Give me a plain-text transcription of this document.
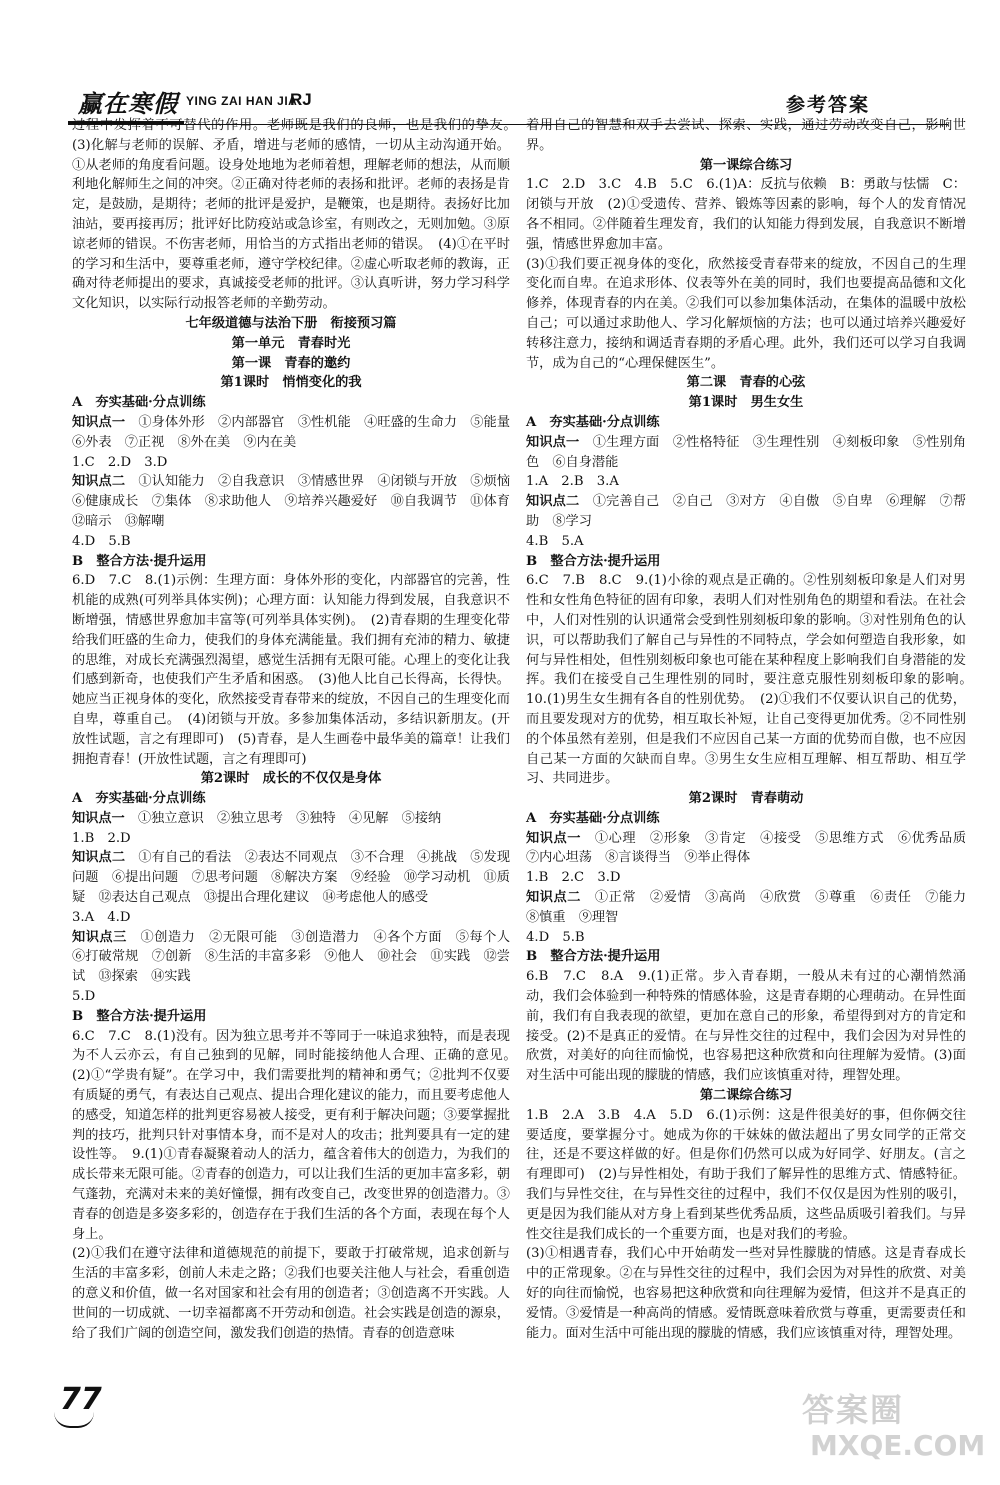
赢在寒假 YING ZAI HAN JIA
RJ	参考答案

过程中发挥着不可替代的作用。老师既是我们的良师，也是我们的挚友。　(3)化解与老师的误解、矛盾，增进与老师的感情，一切从主动沟通开始。①从老师的角度看问题。设身处地地为老师着想，理解老师的想法，从而顺利地化解师生之间的冲突。②正确对待老师的表扬和批评。老师的表扬是肯定，是鼓励，是期待；老师的批评是爱护，是鞭策，也是期待。表扬好比加油站，要再接再厉；批评好比防疫站或急诊室，有则改之，无则加勉。③原谅老师的错误。不伤害老师，用恰当的方式指出老师的错误。　(4)①在平时的学习和生活中，要尊重老师，遵守学校纪律。②虚心听取老师的教诲，正确对待老师提出的要求，真诚接受老师的批评。③认真听讲，努力学习科学文化知识，以实际行动报答老师的辛勤劳动。

七年级道德与法治下册　衔接预习篇

第一单元　青春时光

第一课　青春的邀约

第1课时　悄悄变化的我

A　夯实基础·分点训练

知识点一　 ①身体外形　②内部器官　③性机能　④旺盛的生命力　⑤能量　⑥外表　⑦正视　⑧外在美　⑨内在美

1.C　2.D　3.D

知识点二　 ①认知能力　②自我意识　③情感世界　④闭锁与开放　⑤烦恼　⑥健康成长　⑦集体　⑧求助他人　⑨培养兴趣爱好　⑩自我调节　⑪体育　⑫暗示　⑬解嘲

4.D　5.B

B　整合方法·提升运用

6.D　7.C　8.(1)示例：生理方面：身体外形的变化，内部器官的完善，性机能的成熟(可列举具体实例)；心理方面：认知能力得到发展，自我意识不断增强，情感世界愈加丰富等(可列举具体实例)。　(2)青春期的生理变化带给我们旺盛的生命力，使我们的身体充满能量。我们拥有充沛的精力、敏捷的思维，对成长充满强烈渴望，感觉生活拥有无限可能。心理上的变化让我们感到新奇，也使我们产生矛盾和困惑。　(3)他人比自己长得高，长得快。她应当正视身体的变化，欣然接受青春带来的绽放，不因自己的生理变化而自卑，尊重自己。　(4)闭锁与开放。多参加集体活动，多结识新朋友。(开放性试题，言之有理即可)　(5)青春，是人生画卷中最华美的篇章！让我们拥抱青春！(开放性试题，言之有理即可)

第2课时　成长的不仅仅是身体

A　夯实基础·分点训练

知识点一　 ①独立意识　②独立思考　③独特　④见解　⑤接纳

1.B　2.D

知识点二　 ①有自己的看法　②表达不同观点　③不合理　④挑战　⑤发现问题　⑥提出问题　⑦思考问题　⑧解决方案　⑨经验　⑩学习动机　⑪质疑　⑫表达自己观点　⑬提出合理化建议　⑭考虑他人的感受

3.A　4.D

知识点三　 ①创造力　②无限可能　③创造潜力　④各个方面　⑤每个人　⑥打破常规　⑦创新　⑧生活的丰富多彩　⑨他人　⑩社会　⑪实践　⑫尝试　⑬探索　⑭实践

5.D

B　整合方法·提升运用

6.C　7.C　8.(1)没有。因为独立思考并不等同于一味追求独特，而是表现为不人云亦云，有自己独到的见解，同时能接纳他人合理、正确的意见。　(2)①“学贵有疑”。在学习中，我们需要批判的精神和勇气；②批判不仅要有质疑的勇气，有表达自己观点、提出合理化建议的能力，而且要考虑他人的感受，知道怎样的批判更容易被人接受，更有利于解决问题；③要掌握批判的技巧，批判只针对事情本身，而不是对人的攻击；批判要具有一定的建设性等。　9.(1)①青春凝聚着动人的活力，蕴含着伟大的创造力，为我们的成长带来无限可能。②青春的创造力，可以让我们生活的更加丰富多彩，朝气蓬勃，充满对未来的美好憧憬，拥有改变自己，改变世界的创造潜力。③青春的创造是多姿多彩的，创造存在于我们生活的各个方面，表现在每个人身上。

(2)①我们在遵守法律和道德规范的前提下，要敢于打破常规，追求创新与生活的丰富多彩，创前人未走之路；②我们也要关注他人与社会，看重创造的意义和价值，做一名对国家和社会有用的创造者；③创造离不开实践。人世间的一切成就、一切幸福都离不开劳动和创造。社会实践是创造的源泉，给了我们广阔的创造空间，激发我们创造的热情。青春的创造意味

着用自己的智慧和双手去尝试、探索、实践，通过劳动改变自己，影响世界。

第一课综合练习

1.C　2.D　3.C　4.B　5.C　6.(1)A：反抗与依赖　B：勇敢与怯懦　C：闭锁与开放　(2)①受遗传、营养、锻炼等因素的影响，每个人的发育情况各不相同。②伴随着生理发育，我们的认知能力得到发展，自我意识不断增强，情感世界愈加丰富。

(3)①我们要正视身体的变化，欣然接受青春带来的绽放，不因自己的生理变化而自卑。在追求形体、仪表等外在美的同时，我们也要提高品德和文化修养，体现青春的内在美。②我们可以参加集体活动，在集体的温暖中放松自己；可以通过求助他人、学习化解烦恼的方法；也可以通过培养兴趣爱好转移注意力，接纳和调适青春期的矛盾心理。此外，我们还可以学习自我调节，成为自己的“心理保健医生”。

第二课　青春的心弦

第1课时　男生女生

A　夯实基础·分点训练

知识点一　 ①生理方面　②性格特征　③生理性别　④刻板印象　⑤性别角色　⑥自身潜能

1.A　2.B　3.A

知识点二　 ①完善自己　②自己　③对方　④自傲　⑤自卑　⑥理解　⑦帮助　⑧学习

4.B　5.A

B　整合方法·提升运用

6.C　7.B　8.C　9.(1)小徐的观点是正确的。②性别刻板印象是人们对男性和女性角色特征的固有印象，表明人们对性别角色的期望和看法。在社会中，人们对性别的认识通常会受到性别刻板印象的影响。③对性别角色的认识，可以帮助我们了解自己与异性的不同特点，学会如何塑造自我形象，如何与异性相处，但性别刻板印象也可能在某种程度上影响我们自身潜能的发挥。我们在接受自己生理性别的同时，要注意克服性别刻板印象的影响。　10.(1)男生女生拥有各自的性别优势。　(2)①我们不仅要认识自己的优势，而且要发现对方的优势，相互取长补短，让自己变得更加优秀。②不同性别的个体虽然有差别，但是我们不应因自己某一方面的优势而自傲，也不应因自己某一方面的欠缺而自卑。③男生女生应相互理解、相互帮助、相互学习、共同进步。

第2课时　青春萌动

A　夯实基础·分点训练

知识点一　 ①心理　②形象　③肯定　④接受　⑤思维方式　⑥优秀品质　⑦内心坦荡　⑧言谈得当　⑨举止得体

1.B　2.C　3.D

知识点二　 ①正常　②爱情　③高尚　④欣赏　⑤尊重　⑥责任　⑦能力　⑧慎重　⑨理智

4.D　5.B

B　整合方法·提升运用

6.B　7.C　8.A　9.(1)正常。步入青春期，一般从未有过的心潮悄然涌动，我们会体验到一种特殊的情感体验，这是青春期的心理萌动。在异性面前，我们有自我表现的欲望，更加在意自己的形象，希望得到对方的肯定和接受。(2)不是真正的爱情。在与异性交往的过程中，我们会因为对异性的欣赏，对美好的向往而愉悦，也容易把这种欣赏和向往理解为爱情。(3)面对生活中可能出现的朦胧的情感，我们应该慎重对待，理智处理。

第二课综合练习

1.B　2.A　3.B　4.A　5.D　6.(1)示例：这是件很美好的事，但你俩交往要适度，要掌握分寸。她成为你的干妹妹的做法超出了男女同学的正常交往，还是不要这样做的好。但是你们仍然可以成为好同学、好朋友。(言之有理即可)　(2)与异性相处，有助于我们了解异性的思维方式、情感特征。我们与异性交往，在与异性交往的过程中，我们不仅仅是因为性别的吸引，更是因为我们能从对方身上看到某些优秀品质，这些品质吸引着我们。与异性交往是我们成长的一个重要方面，也是对我们的考验。

(3)①相遇青春，我们心中开始萌发一些对异性朦胧的情感。这是青春成长中的正常现象。②在与异性交往的过程中，我们会因为对异性的欣赏、对美好的向往而愉悦，也容易把这种欣赏和向往理解为爱情，但这并不是真正的爱情。③爱情是一种高尚的情感。爱情既意味着欣赏与尊重，更需要责任和能力。面对生活中可能出现的朦胧的情感，我们应该慎重对待，理智处理。

77	答案圈
MXQE.COM
